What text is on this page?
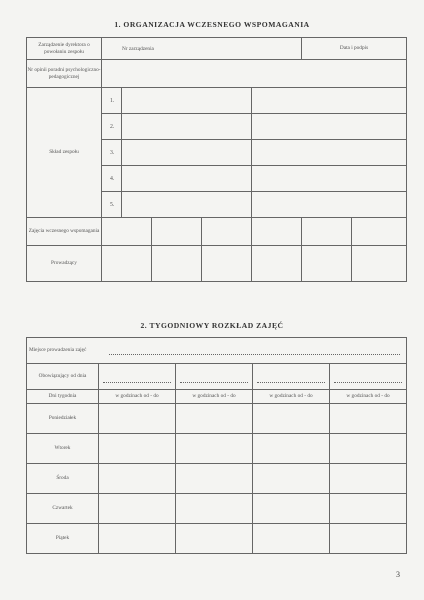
1. ORGANIZACJA WCZESNEGO WSPOMAGANIA
Zarządzenie dyrektora o powołaniu zespołu	Nr zarządzenia					Data i podpis	
Nr opinii poradni psychologiczno-pedagogicznej							
Skład zespołu	1.						
	2.						
	3.						
	4.						
	5.						
Zajęcia wczesnego wspomagania							
Prowadzący							
2. TYGODNIOWY ROZKŁAD ZAJĘĆ
Miejsce prowadzenia zajęć				

Obowiązujący od dnia	

Dni tygodnia	w godzinach od - do	w godzinach od - do	w godzinach od - do	w godzinach od - do
Poniedziałek				
Wtorek				
Środa				
Czwartek				
Piątek				
3
